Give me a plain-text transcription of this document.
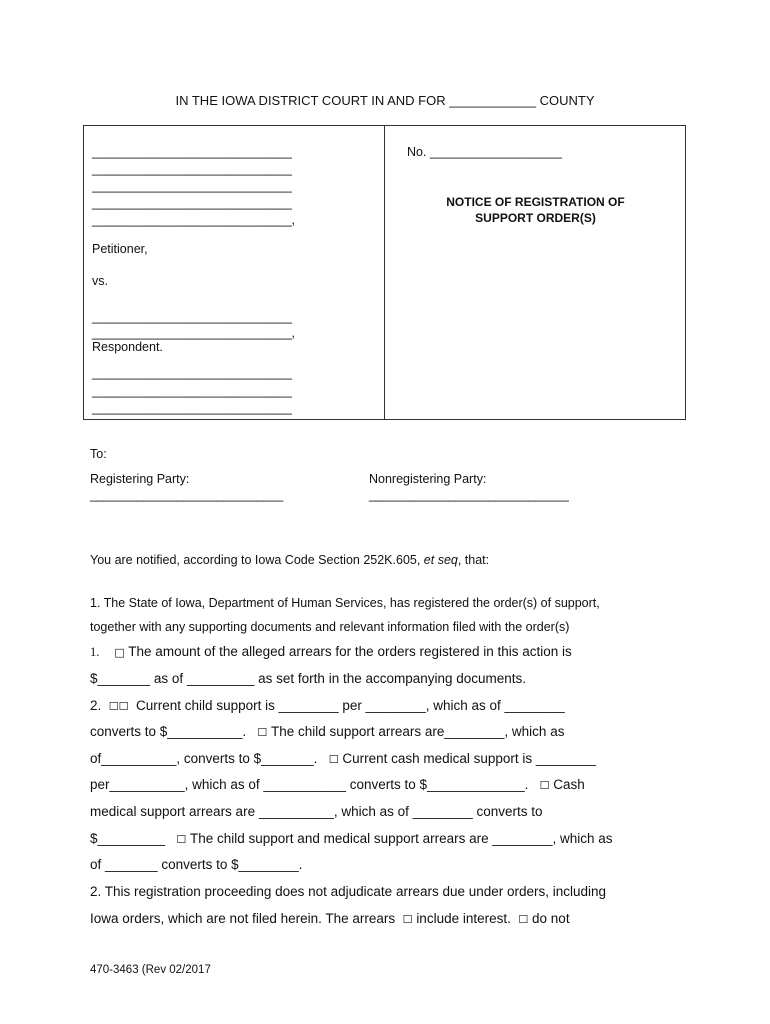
IN THE IOWA DISTRICT COURT IN AND FOR ____________ COUNTY
______________________________
______________________________
______________________________
______________________________
______________________________,
Petitioner,
vs.
______________________________
______________________________,
Respondent.
______________________________
______________________________
______________________________
No. ___________________
NOTICE OF REGISTRATION OF
SUPPORT ORDER(S)
To:
Registering Party:
_____________________________
Nonregistering Party:
______________________________
You are notified, according to Iowa Code Section 252K.605, et seq, that:
1. The State of Iowa, Department of Human Services, has registered the order(s) of support,
together with any supporting documents and relevant information filed with the order(s)
1. □ The amount of the alleged arrears for the orders registered in this action is
$_______ as of _________ as set forth in the accompanying documents.
2. ☐☐ Current child support is ________ per ________, which as of ________
converts to $__________. ☐ The child support arrears are________, which as
of__________, converts to $_______. ☐ Current cash medical support is ________
per__________, which as of ___________ converts to $_____________. ☐ Cash
medical support arrears are __________, which as of ________ converts to
$_________ ☐ The child support and medical support arrears are ________, which as
of _______ converts to $________.
2. This registration proceeding does not adjudicate arrears due under orders, including
Iowa orders, which are not filed herein. The arrears ☐ include interest. ☐ do not
470-3463 (Rev 02/2017
